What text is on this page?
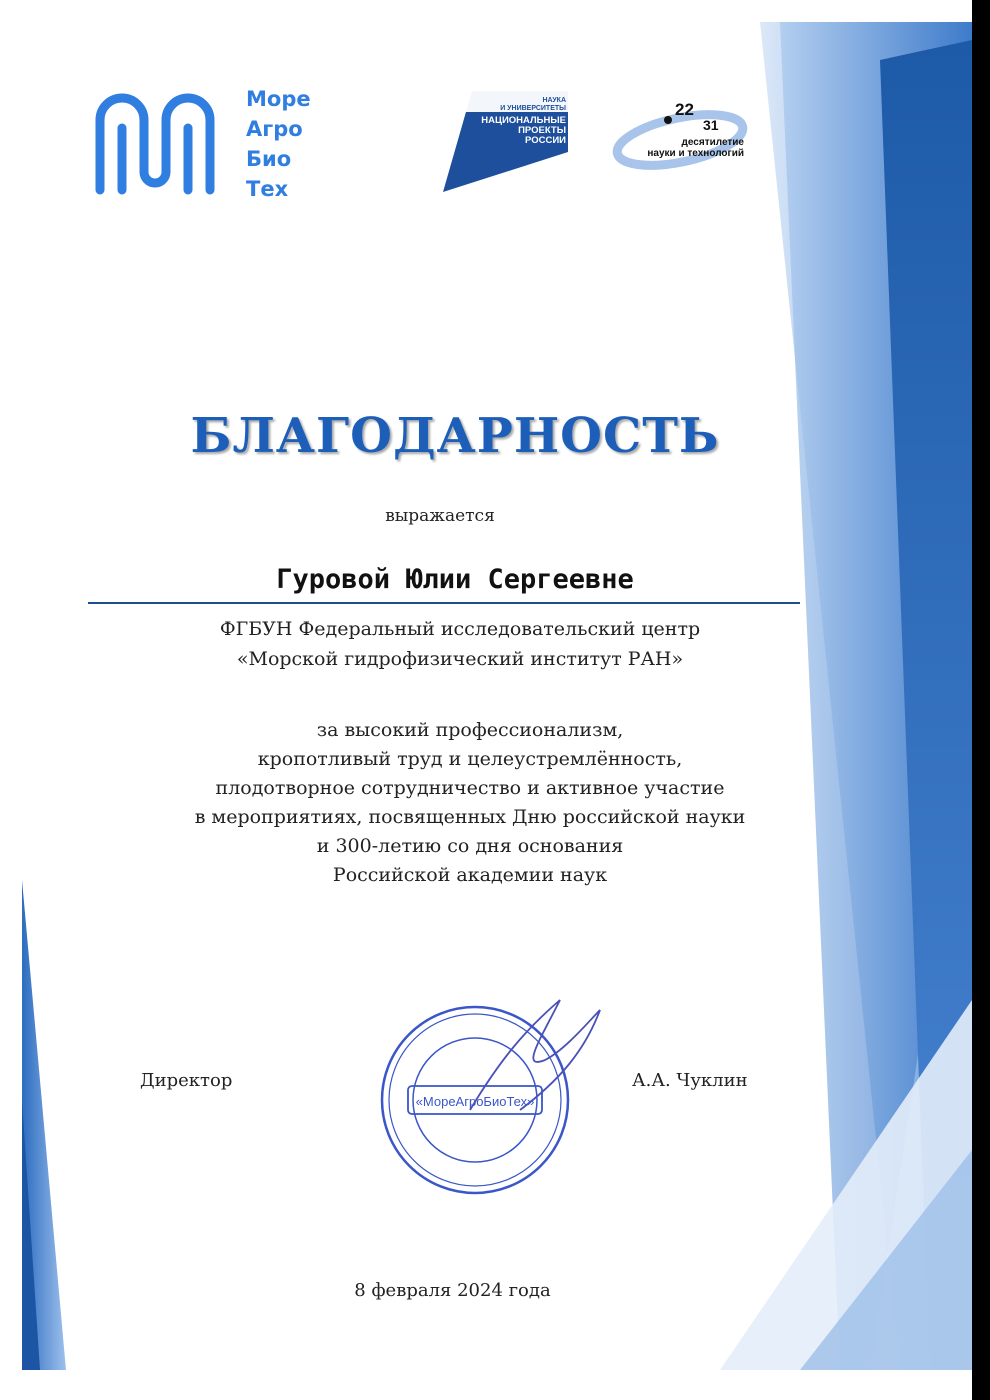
Море
Агро
Био
Тех
НАУКА
И УНИВЕРСИТЕТЫ
НАЦИОНАЛЬНЫЕ
ПРОЕКТЫ
РОССИИ
22
31
десятилетие
науки и технологий
БЛАГОДАРНОСТЬ
выражается
Гуровой Юлии Сергеевне
ФГБУН Федеральный исследовательский центр
«Морской гидрофизический институт РАН»
за высокий профессионализм,
кропотливый труд и целеустремлённость,
плодотворное сотрудничество и активное участие
в мероприятиях, посвященных Дню российской науки
и 300-летию со дня основания
Российской академии наук
Директор	А.А. Чуклин
«МореАгроБиоТех»
8 февраля 2024 года
